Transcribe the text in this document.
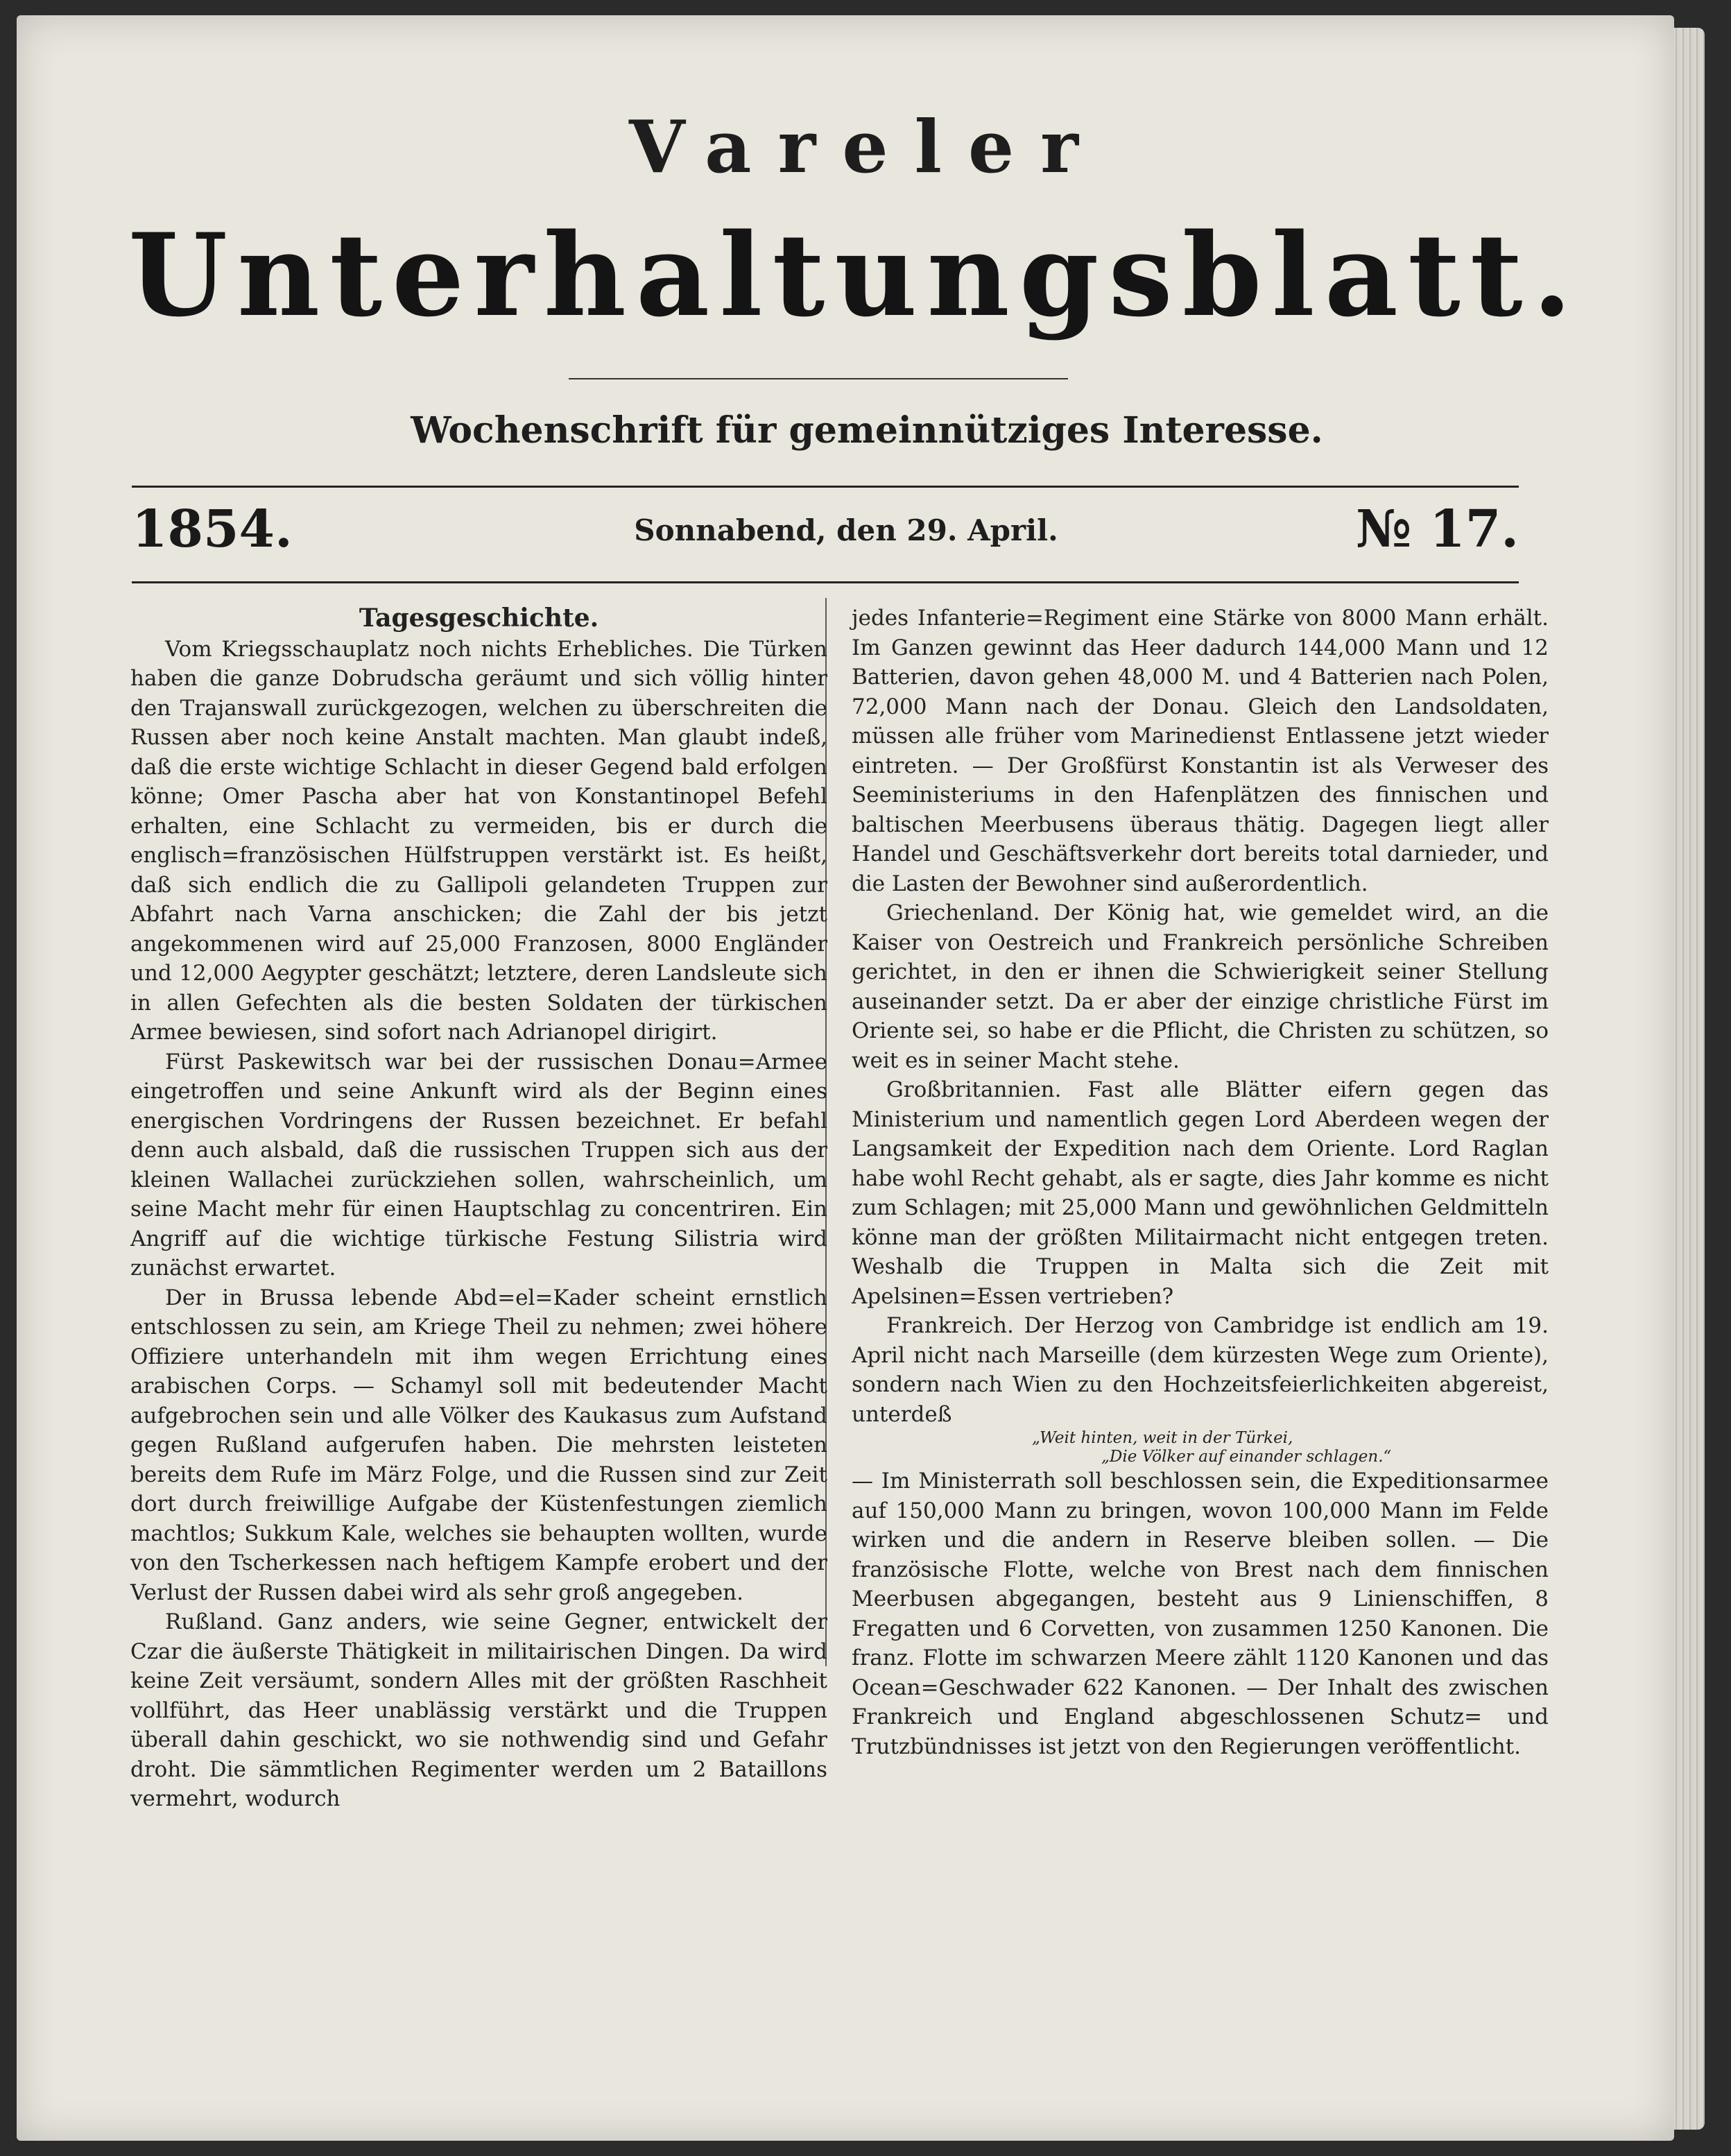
Vareler
Unterhaltungsblatt.
Wochenschrift für gemeinnütziges Interesse.
1854.	Sonnabend, den 29. April.	№ 17.
Tagesgeschichte.

Vom Kriegsschauplatz noch nichts Erhebliches. Die Türken haben die ganze Dobrudscha geräumt und sich völlig hinter den Trajanswall zurückgezogen, welchen zu überschreiten die Russen aber noch keine Anstalt machten. Man glaubt indeß, daß die erste wichtige Schlacht in dieser Gegend bald erfolgen könne; Omer Pascha aber hat von Konstantinopel Befehl erhalten, eine Schlacht zu vermeiden, bis er durch die englisch=französischen Hülfstruppen verstärkt ist. Es heißt, daß sich endlich die zu Gallipoli gelandeten Truppen zur Abfahrt nach Varna anschicken; die Zahl der bis jetzt angekommenen wird auf 25,000 Franzosen, 8000 Engländer und 12,000 Aegypter geschätzt; letztere, deren Landsleute sich in allen Gefechten als die besten Soldaten der türkischen Armee bewiesen, sind sofort nach Adrianopel dirigirt.

Fürst Paskewitsch war bei der russischen Donau=Armee eingetroffen und seine Ankunft wird als der Beginn eines energischen Vordringens der Russen bezeichnet. Er befahl denn auch alsbald, daß die russischen Truppen sich aus der kleinen Wallachei zurückziehen sollen, wahrscheinlich, um seine Macht mehr für einen Hauptschlag zu concentriren. Ein Angriff auf die wichtige türkische Festung Silistria wird zunächst erwartet.

Der in Brussa lebende Abd=el=Kader scheint ernstlich entschlossen zu sein, am Kriege Theil zu nehmen; zwei höhere Offiziere unterhandeln mit ihm wegen Errichtung eines arabischen Corps. — Schamyl soll mit bedeutender Macht aufgebrochen sein und alle Völker des Kaukasus zum Aufstand gegen Rußland aufgerufen haben. Die mehrsten leisteten bereits dem Rufe im März Folge, und die Russen sind zur Zeit dort durch freiwillige Aufgabe der Küstenfestungen ziemlich machtlos; Sukkum Kale, welches sie behaupten wollten, wurde von den Tscherkessen nach heftigem Kampfe erobert und der Verlust der Russen dabei wird als sehr groß angegeben.

Rußland. Ganz anders, wie seine Gegner, entwickelt der Czar die äußerste Thätigkeit in militairischen Dingen. Da wird keine Zeit versäumt, sondern Alles mit der größten Raschheit vollführt, das Heer unablässig verstärkt und die Truppen überall dahin geschickt, wo sie nothwendig sind und Gefahr droht. Die sämmtlichen Regimenter werden um 2 Bataillons vermehrt, wodurch

jedes Infanterie=Regiment eine Stärke von 8000 Mann erhält. Im Ganzen gewinnt das Heer dadurch 144,000 Mann und 12 Batterien, davon gehen 48,000 M. und 4 Batterien nach Polen, 72,000 Mann nach der Donau. Gleich den Landsoldaten, müssen alle früher vom Marinedienst Entlassene jetzt wieder eintreten. — Der Großfürst Konstantin ist als Verweser des Seeministeriums in den Hafenplätzen des finnischen und baltischen Meerbusens überaus thätig. Dagegen liegt aller Handel und Geschäftsverkehr dort bereits total darnieder, und die Lasten der Bewohner sind außerordentlich.

Griechenland. Der König hat, wie gemeldet wird, an die Kaiser von Oestreich und Frankreich persönliche Schreiben gerichtet, in den er ihnen die Schwierigkeit seiner Stellung auseinander setzt. Da er aber der einzige christliche Fürst im Oriente sei, so habe er die Pflicht, die Christen zu schützen, so weit es in seiner Macht stehe.

Großbritannien. Fast alle Blätter eifern gegen das Ministerium und namentlich gegen Lord Aberdeen wegen der Langsamkeit der Expedition nach dem Oriente. Lord Raglan habe wohl Recht gehabt, als er sagte, dies Jahr komme es nicht zum Schlagen; mit 25,000 Mann und gewöhnlichen Geldmitteln könne man der größten Militairmacht nicht entgegen treten. Weshalb die Truppen in Malta sich die Zeit mit Apelsinen=Essen vertrieben?

Frankreich. Der Herzog von Cambridge ist endlich am 19. April nicht nach Marseille (dem kürzesten Wege zum Oriente), sondern nach Wien zu den Hochzeitsfeierlichkeiten abgereist, unterdeß

„Weit hinten, weit in der Türkei,
„Die Völker auf einander schlagen.“

— Im Ministerrath soll beschlossen sein, die Expeditionsarmee auf 150,000 Mann zu bringen, wovon 100,000 Mann im Felde wirken und die andern in Reserve bleiben sollen. — Die französische Flotte, welche von Brest nach dem finnischen Meerbusen abgegangen, besteht aus 9 Linienschiffen, 8 Fregatten und 6 Corvetten, von zusammen 1250 Kanonen. Die franz. Flotte im schwarzen Meere zählt 1120 Kanonen und das Ocean=Geschwader 622 Kanonen. — Der Inhalt des zwischen Frankreich und England abgeschlossenen Schutz= und Trutzbündnisses ist jetzt von den Regierungen veröffentlicht.
